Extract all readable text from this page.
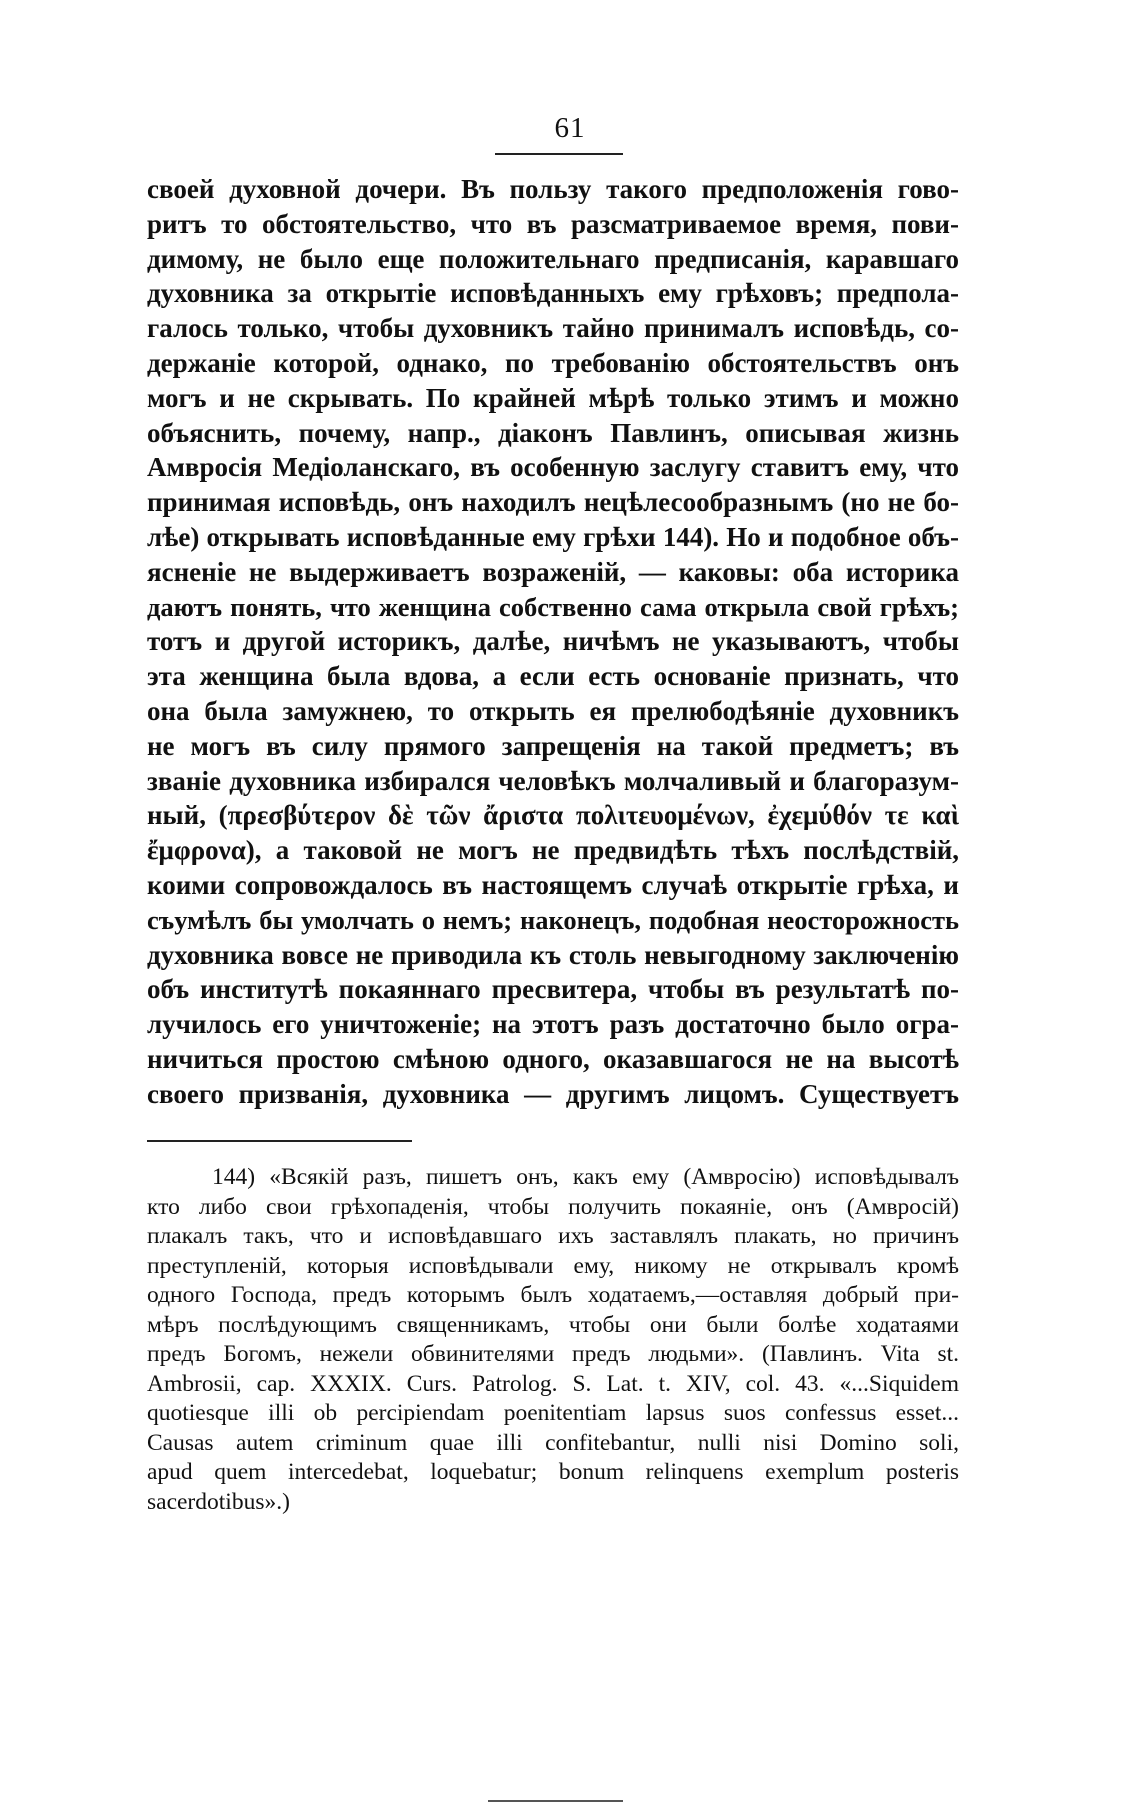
61
своей духовной дочери. Въ пользу такого предположенія гово-
ритъ то обстоятельство, что въ разсматриваемое время, пови-
димому, не было еще положительнаго предписанія, каравшаго
духовника за открытіе исповѣданныхъ ему грѣховъ; предпола-
галось только, чтобы духовникъ тайно принималъ исповѣдь, со-
держаніе которой, однако, по требованію обстоятельствъ онъ
могъ и не скрывать. По крайней мѣрѣ только этимъ и можно
объяснить, почему, напр., діаконъ Павлинъ, описывая жизнь
Амвросія Медіоланскаго, въ особенную заслугу ставитъ ему, что
принимая исповѣдь, онъ находилъ нецѣлесообразнымъ (но не бо-
лѣе) открывать исповѣданные ему грѣхи 144). Но и подобное объ-
ясненіе не выдерживаетъ возраженій, — каковы: оба историка
даютъ понять, что женщина собственно сама открыла свой грѣхъ;
тотъ и другой историкъ, далѣе, ничѣмъ не указываютъ, чтобы
эта женщина была вдова, а если есть основаніе признать, что
она была замужнею, то открыть ея прелюбодѣяніе духовникъ
не могъ въ силу прямого запрещенія на такой предметъ; въ
званіе духовника избирался человѣкъ молчаливый и благоразум-
ный, (πρεσβύτερον δὲ τῶν ἄριστα πολιτευομένων, ἐχεμύθόν τε καὶ
ἔμφρονα), а таковой не могъ не предвидѣть тѣхъ послѣдствій,
коими сопровождалось въ настоящемъ случаѣ открытіе грѣха, и
съумѣлъ бы умолчать о немъ; наконецъ, подобная неосторожность
духовника вовсе не приводила къ столь невыгодному заключенію
объ институтѣ покаяннаго пресвитера, чтобы въ результатѣ по-
лучилось его уничтоженіе; на этотъ разъ достаточно было огра-
ничиться простою смѣною одного, оказавшагося не на высотѣ
своего призванія, духовника — другимъ лицомъ. Существуетъ
144) «Всякій разъ, пишетъ онъ, какъ ему (Амвросію) исповѣдывалъ
кто либо свои грѣхопаденія, чтобы получить покаяніе, онъ (Амвросій)
плакалъ такъ, что и исповѣдавшаго ихъ заставлялъ плакать, но причинъ
преступленій, которыя исповѣдывали ему, никому не открывалъ кромѣ
одного Господа, предъ которымъ былъ ходатаемъ,—оставляя добрый при-
мѣръ послѣдующимъ священникамъ, чтобы они были болѣе ходатаями
предъ Богомъ, нежели обвинителями предъ людьми». (Павлинъ. Vita st.
Ambrosii, cap. XXXIX. Curs. Patrolog. S. Lat. t. XIV, col. 43. «...Siquidem
quotiesque illi ob percipiendam poenitentiam lapsus suos confessus esset...
Causas autem criminum quae illi confitebantur, nulli nisi Domino soli,
apud quem intercedebat, loquebatur; bonum relinquens exemplum posteris
sacerdotibus».)
